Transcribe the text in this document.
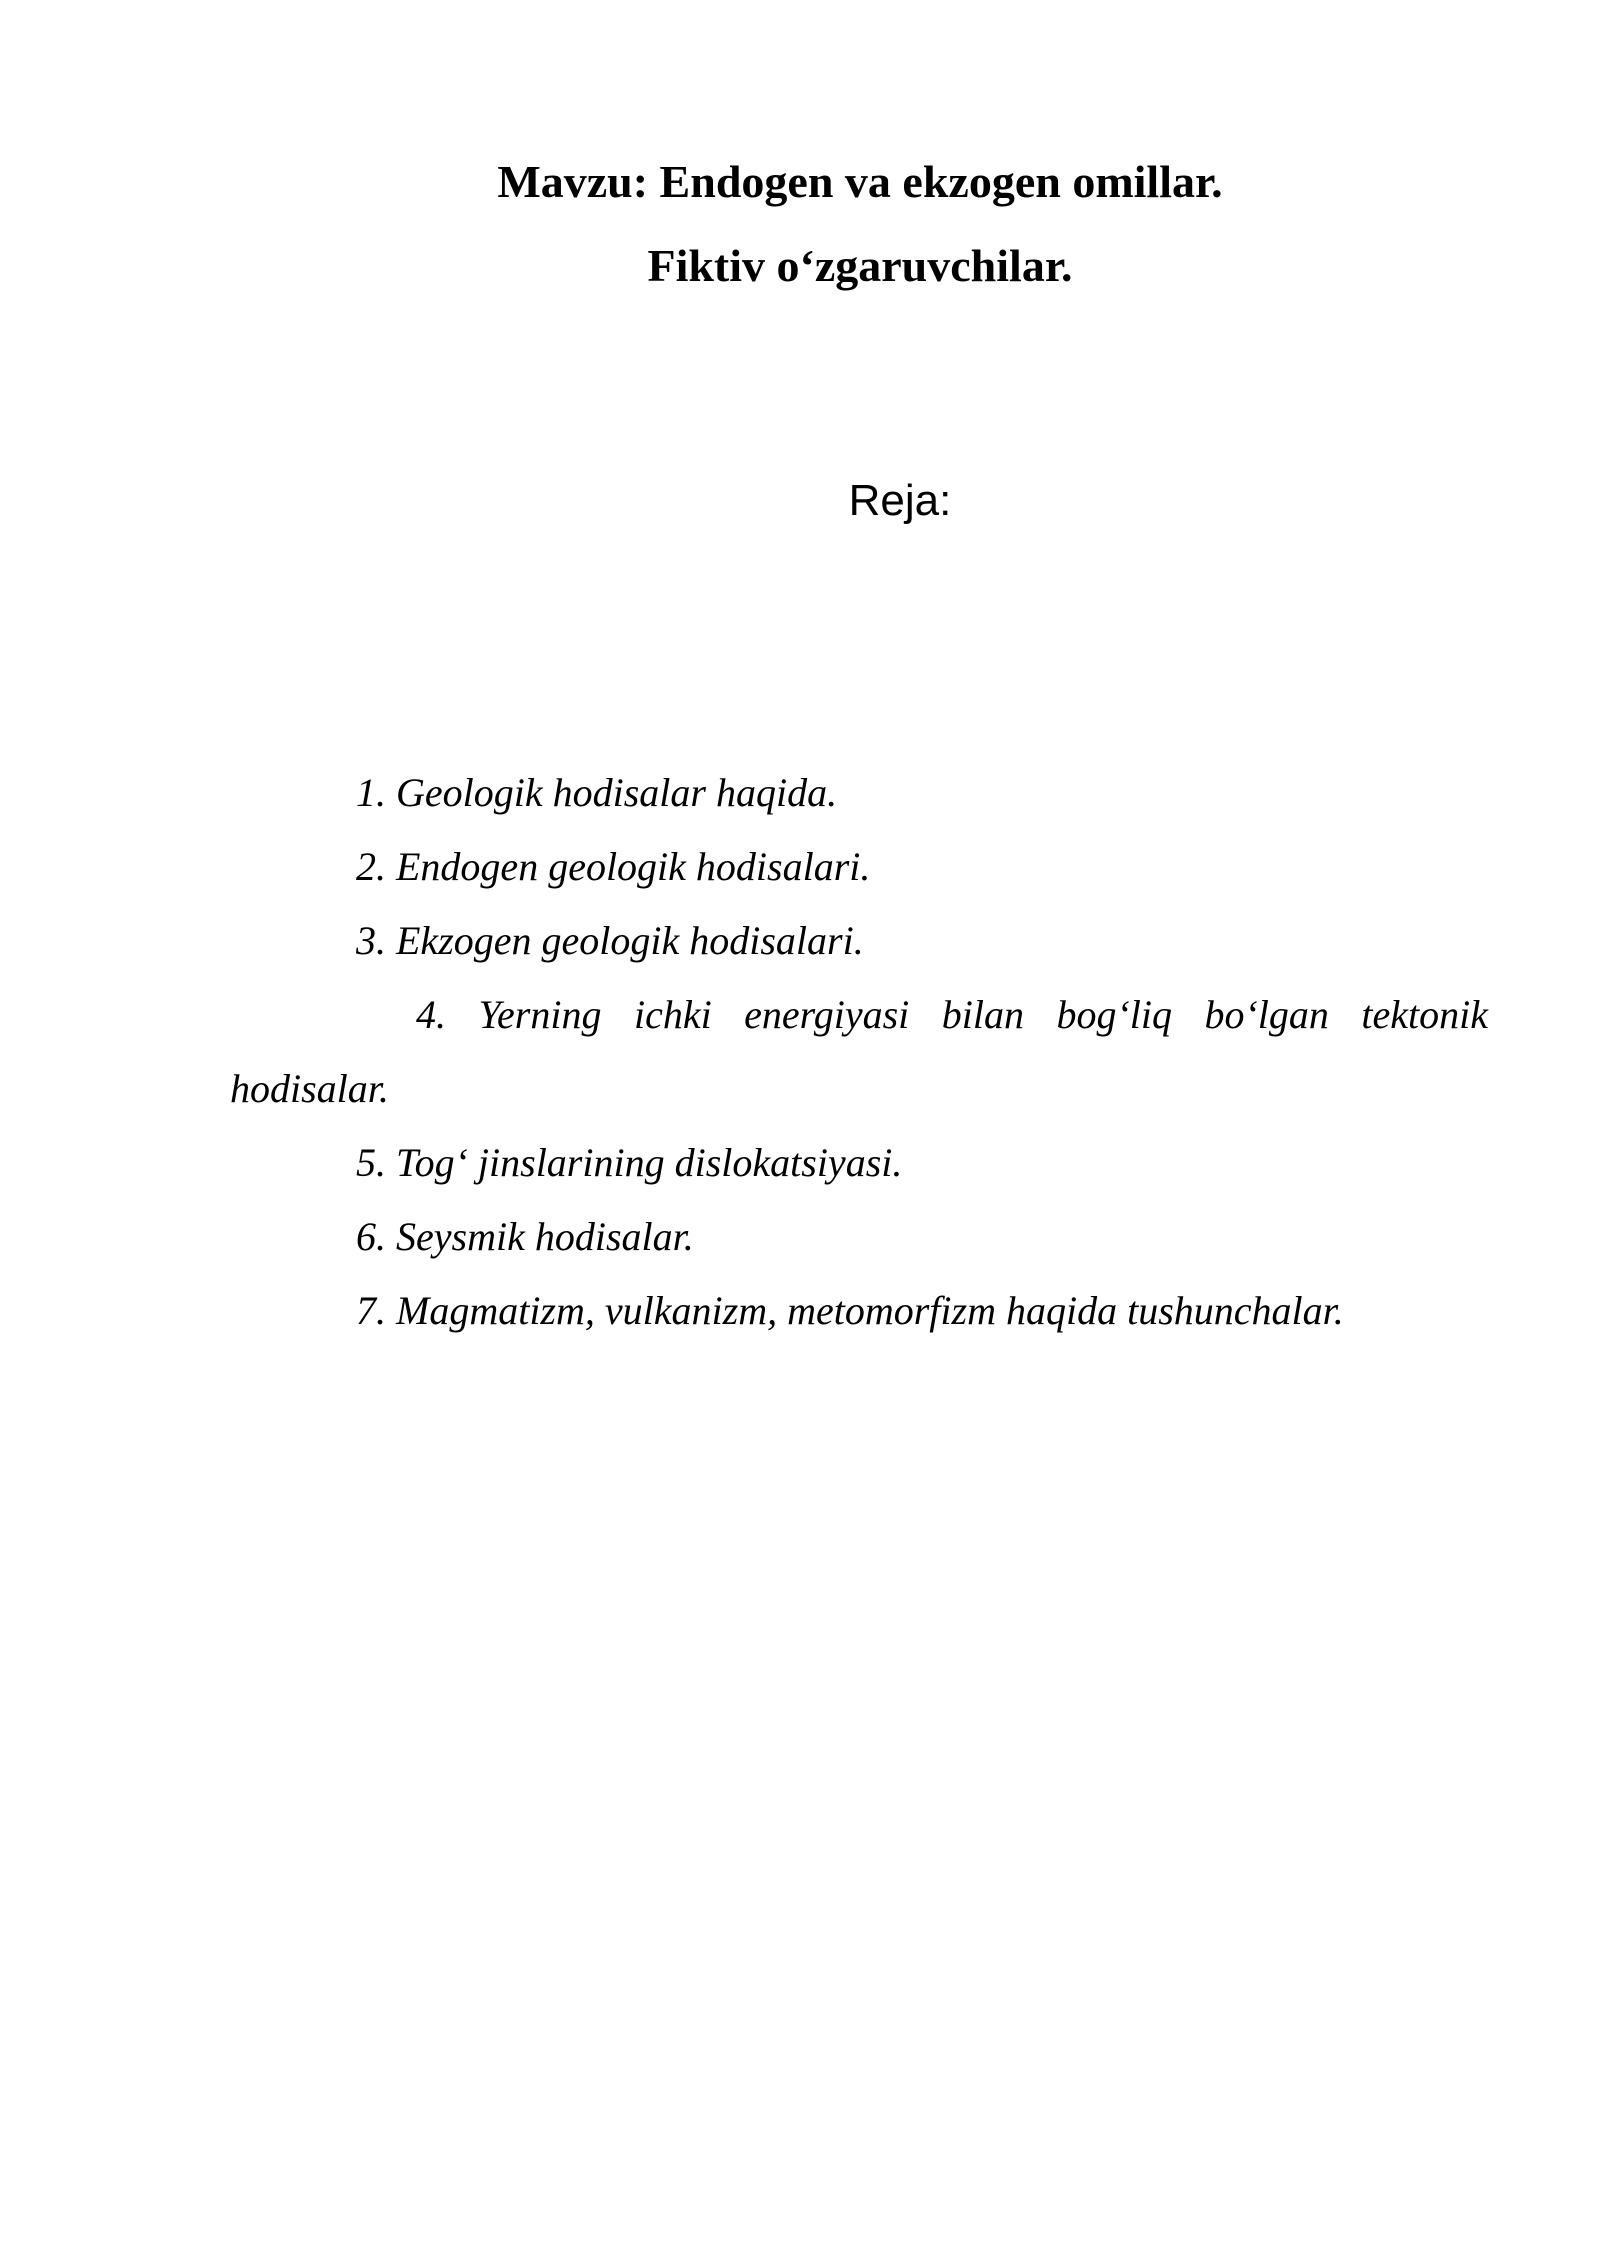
Mavzu: Endogen va ekzogen omillar.
Fiktiv o‘zgaruvchilar.
Reja:
1. Geologik hodisalar haqida.
2. Endogen geologik hodisalari.
3. Ekzogen geologik hodisalari.
4. Yerning ichki energiyasi bilan bog‘liq bo‘lgan tektonik
hodisalar.
5. Tog‘ jinslarining dislokatsiyasi.
6. Seysmik hodisalar.
7. Magmatizm, vulkanizm, metomorfizm haqida tushunchalar.
